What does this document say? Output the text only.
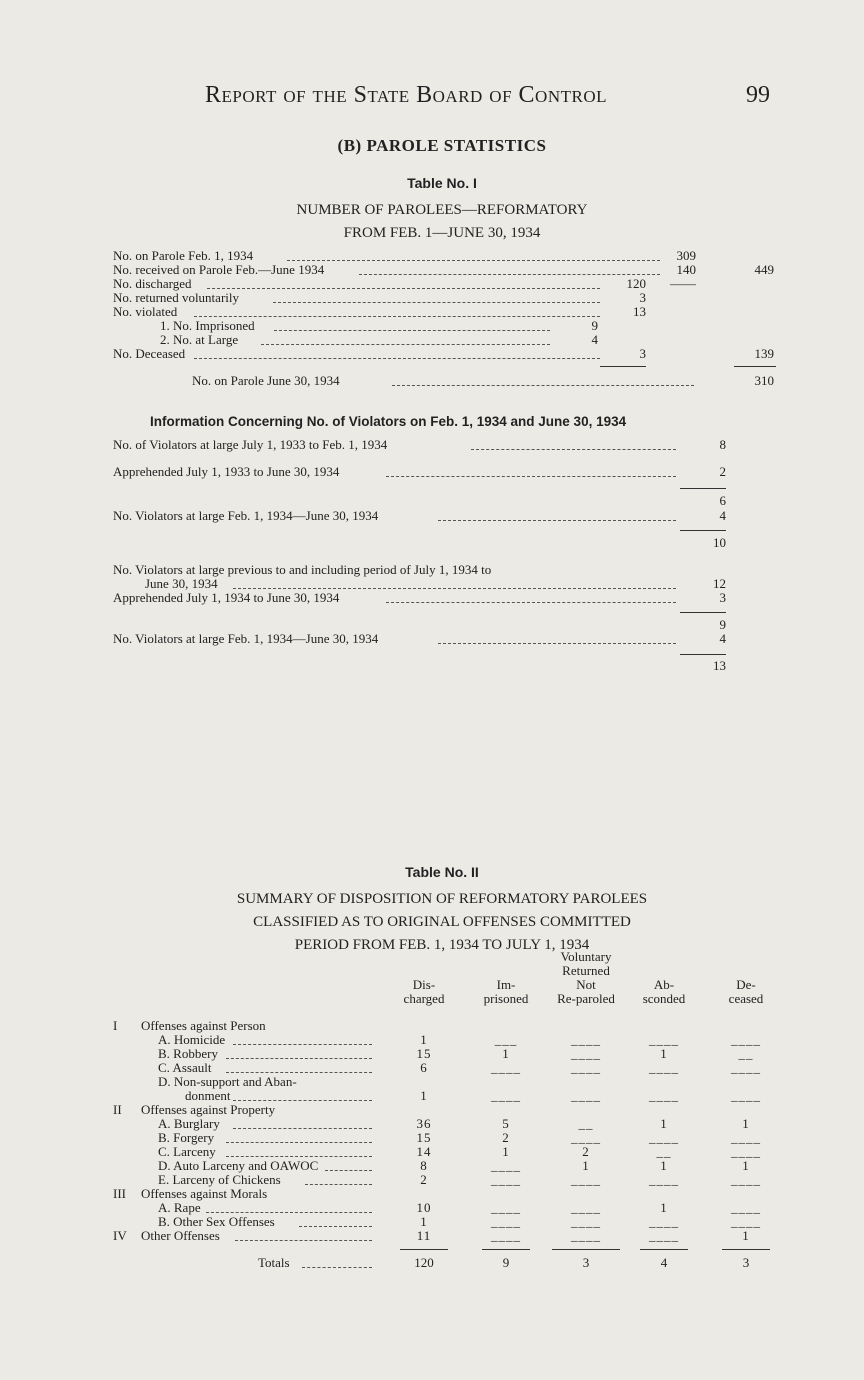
Report of the State Board of Control	99
(B) PAROLE STATISTICS
Table No. I
NUMBER OF PAROLEES—REFORMATORY
FROM FEB. 1—JUNE 30, 1934
No. on Parole Feb. 1, 1934	309
No. received on Parole Feb.—June 1934	140	449
No. discharged	120	——
No. returned voluntarily	3
No. violated	13
1. No. Imprisoned	9
2. No. at Large	4
No. Deceased	3	139
No. on Parole June 30, 1934	310
Information Concerning No. of Violators on Feb. 1, 1934 and June 30, 1934
No. of Violators at large July 1, 1933 to Feb. 1, 1934	8
Apprehended July 1, 1933 to June 30, 1934	2
6
No. Violators at large Feb. 1, 1934—June 30, 1934	4
10
No. Violators at large previous to and including period of July 1, 1934 to
June 30, 1934	12
Apprehended July 1, 1934 to June 30, 1934	3
9
No. Violators at large Feb. 1, 1934—June 30, 1934	4
13
Table No. II
SUMMARY OF DISPOSITION OF REFORMATORY PAROLEES
CLASSIFIED AS TO ORIGINAL OFFENSES COMMITTED
PERIOD FROM FEB. 1, 1934 TO JULY 1, 1934
Dis-
charged
Im-
prisoned
Voluntary
Returned
Not
Re-paroled
Ab-
sconded
De-
ceased
I Offenses against Person
A. Homicide	1	___	____	____	____
B. Robbery	15	1	____	1	__
C. Assault	6	____	____	____	____
D. Non-support and Aban-
donment	1	____	____	____	____
II Offenses against Property
A. Burglary	36	5	__	1	1
B. Forgery	15	2	____	____	____
C. Larceny	14	1	2	__	____
D. Auto Larceny and OAWOC	8	____	1	1	1
E. Larceny of Chickens	2	____	____	____	____
III Offenses against Morals
A. Rape	10	____	____	1	____
B. Other Sex Offenses	1	____	____	____	____
IV Other Offenses	11	____	____	____	1
Totals	120	9	3	4	3
